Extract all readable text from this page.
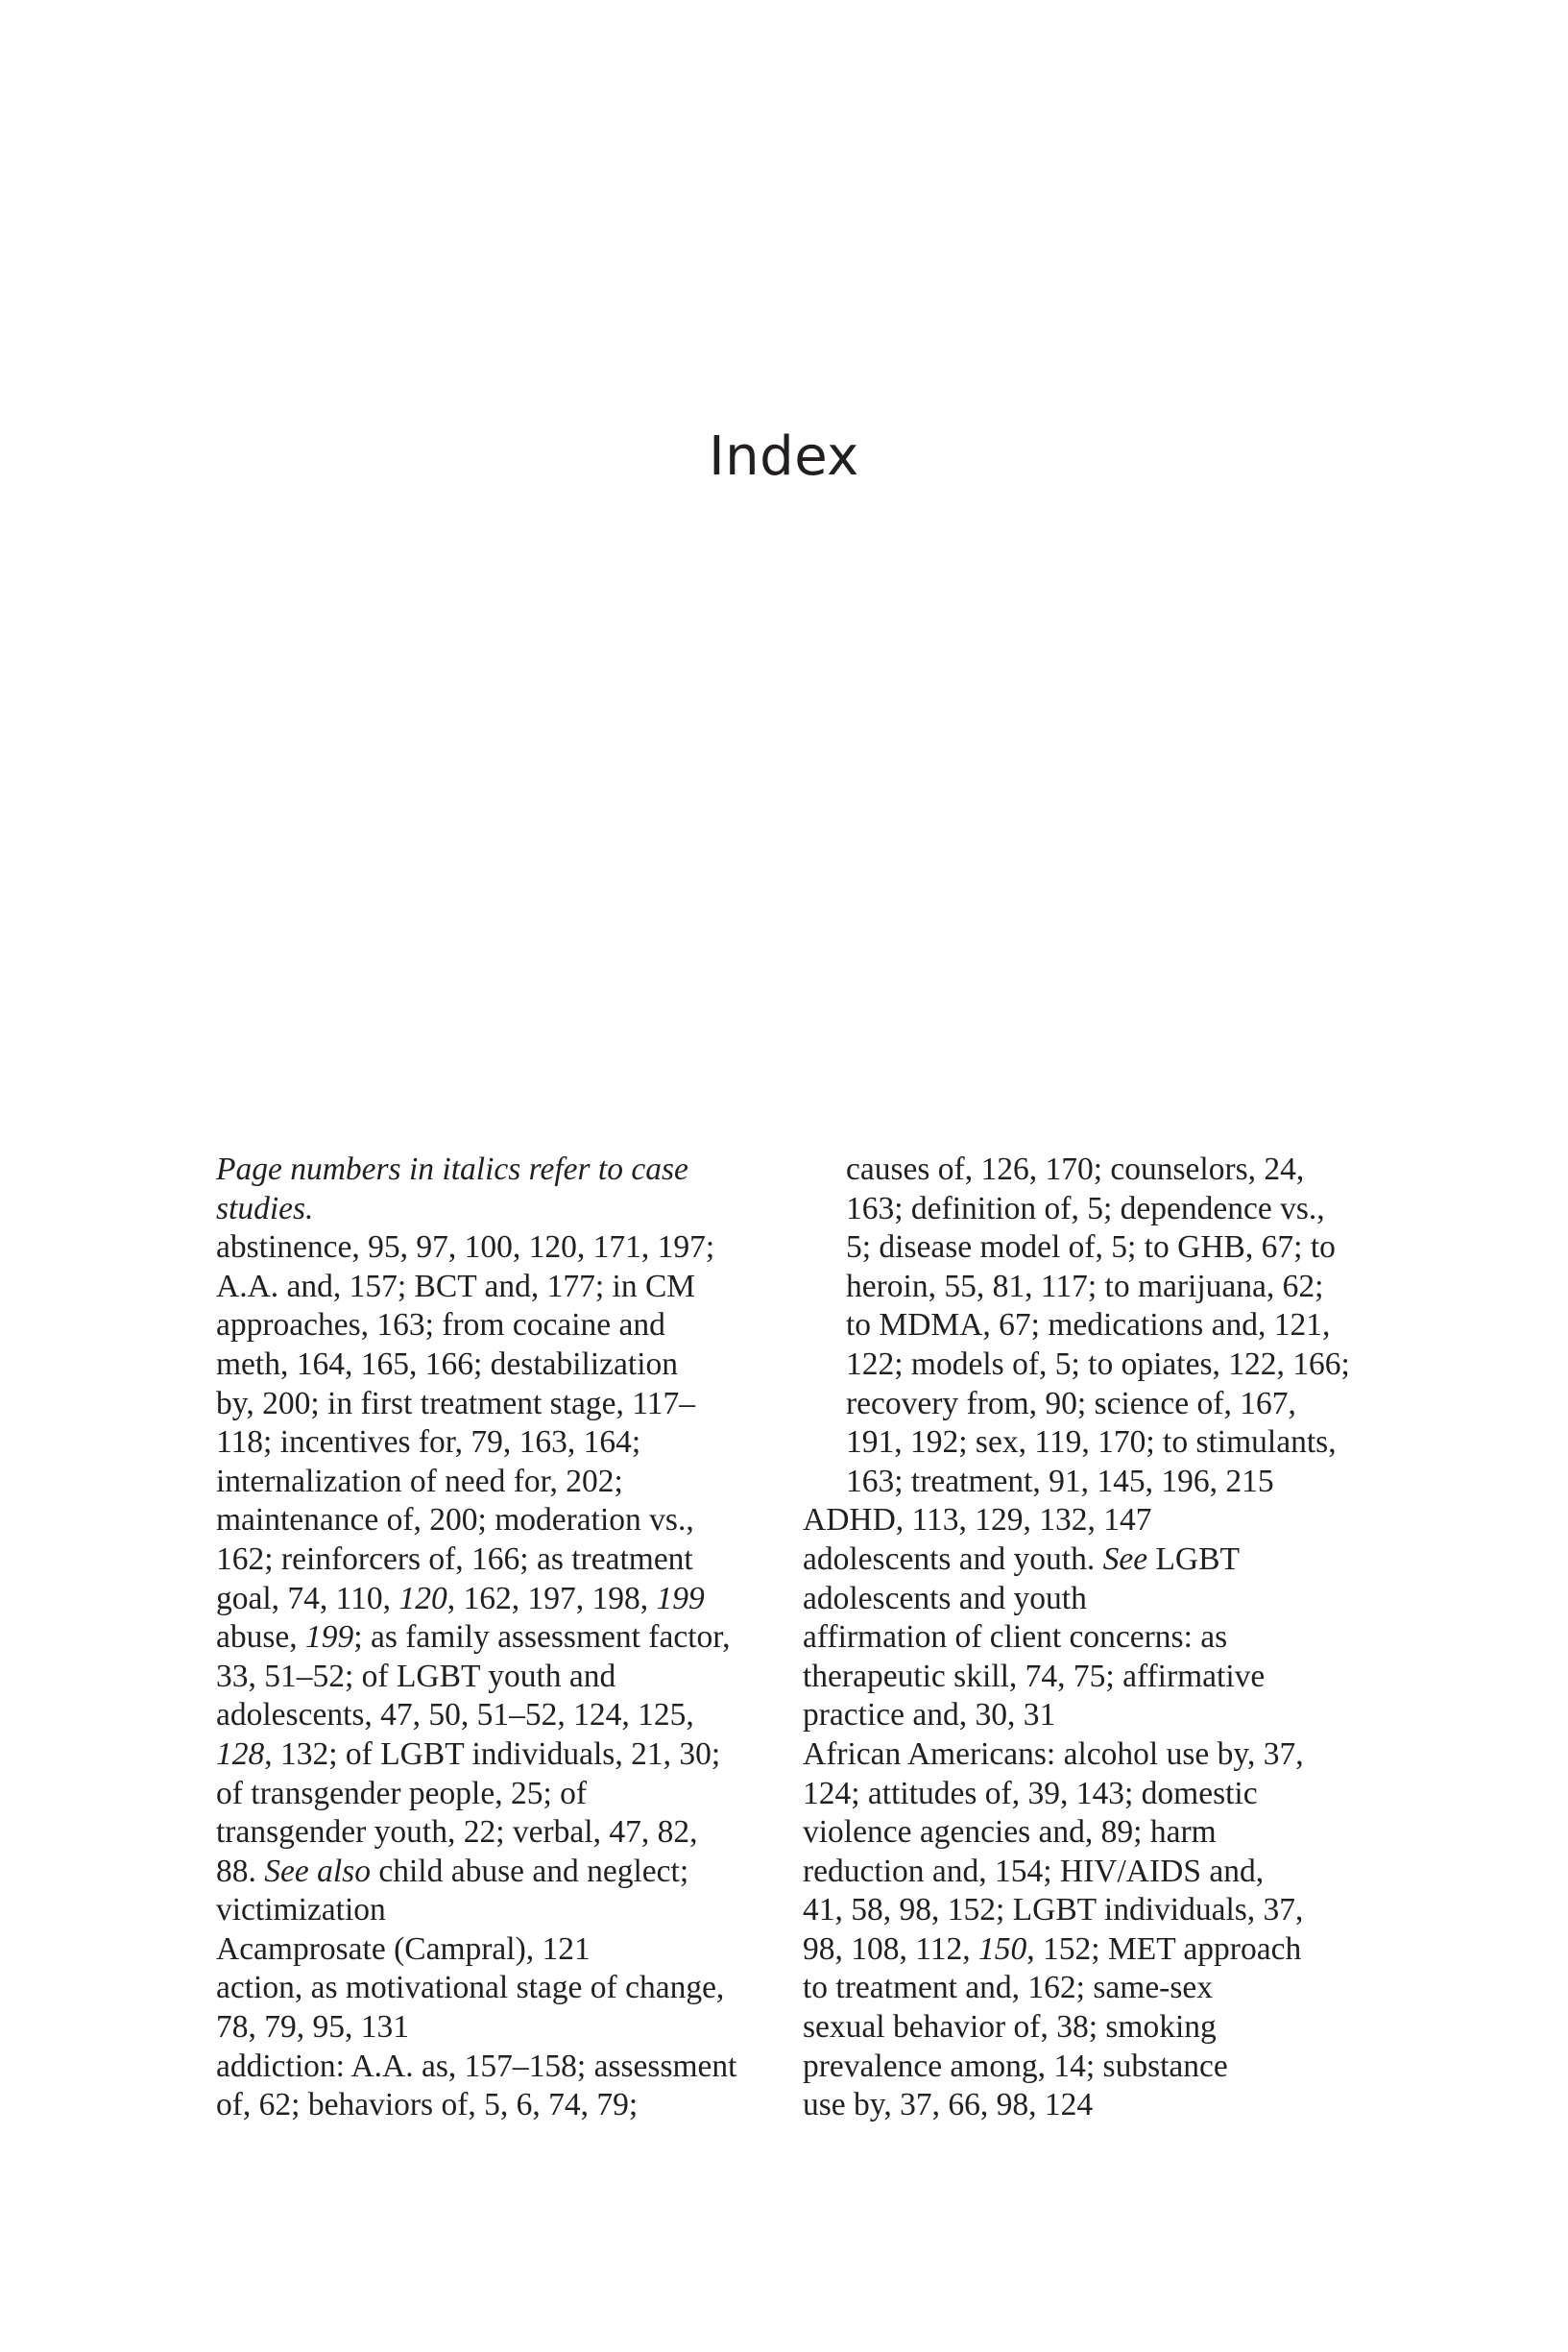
Index

Page numbers in italics refer to case studies.

abstinence, 95, 97, 100, 120, 171, 197;
A.A. and, 157; BCT and, 177; in CM
approaches, 163; from cocaine and
meth, 164, 165, 166; destabilization
by, 200; in first treatment stage, 117–
118; incentives for, 79, 163, 164;
internalization of need for, 202;
maintenance of, 200; moderation vs.,
162; reinforcers of, 166; as treatment
goal, 74, 110, 120, 162, 197, 198, 199
abuse, 199; as family assessment factor,
33, 51–52; of LGBT youth and
adolescents, 47, 50, 51–52, 124, 125,
128, 132; of LGBT individuals, 21, 30;
of transgender people, 25; of
transgender youth, 22; verbal, 47, 82,
88. See also child abuse and neglect;
victimization
Acamprosate (Campral), 121
action, as motivational stage of change,
78, 79, 95, 131
addiction: A.A. as, 157–158; assessment
of, 62; behaviors of, 5, 6, 74, 79;
causes of, 126, 170; counselors, 24,
163; definition of, 5; dependence vs.,
5; disease model of, 5; to GHB, 67; to
heroin, 55, 81, 117; to marijuana, 62;
to MDMA, 67; medications and, 121,
122; models of, 5; to opiates, 122, 166;
recovery from, 90; science of, 167,
191, 192; sex, 119, 170; to stimulants,
163; treatment, 91, 145, 196, 215
ADHD, 113, 129, 132, 147
adolescents and youth. See LGBT
adolescents and youth
affirmation of client concerns: as
therapeutic skill, 74, 75; affirmative
practice and, 30, 31
African Americans: alcohol use by, 37,
124; attitudes of, 39, 143; domestic
violence agencies and, 89; harm
reduction and, 154; HIV/AIDS and,
41, 58, 98, 152; LGBT individuals, 37,
98, 108, 112, 150, 152; MET approach
to treatment and, 162; same-sex
sexual behavior of, 38; smoking
prevalence among, 14; substance
use by, 37, 66, 98, 124
